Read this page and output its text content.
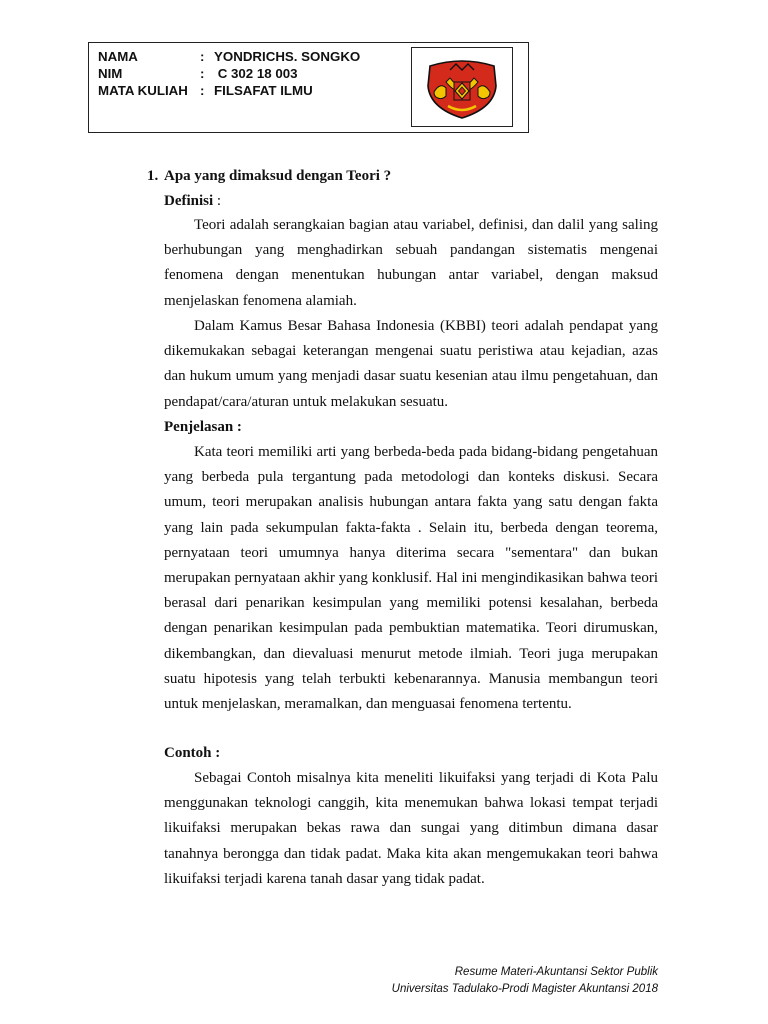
NAMA	: YONDRICHS. SONGKO
NIM	: C 302 18 003
MATA KULIAH : FILSAFAT ILMU
1. Apa yang dimaksud dengan Teori ?
Definisi :

Teori adalah serangkaian bagian atau variabel, definisi, dan dalil yang saling berhubungan yang menghadirkan sebuah pandangan sistematis mengenai fenomena dengan menentukan hubungan antar variabel, dengan maksud menjelaskan fenomena alamiah.

Dalam Kamus Besar Bahasa Indonesia (KBBI) teori adalah pendapat yang dikemukakan sebagai keterangan mengenai suatu peristiwa atau kejadian, azas dan hukum umum yang menjadi dasar suatu kesenian atau ilmu pengetahuan, dan pendapat/cara/aturan untuk melakukan sesuatu.

Penjelasan :

Kata teori memiliki arti yang berbeda-beda pada bidang-bidang pengetahuan yang berbeda pula tergantung pada metodologi dan konteks diskusi. Secara umum, teori merupakan analisis hubungan antara fakta yang satu dengan fakta yang lain pada sekumpulan fakta-fakta . Selain itu, berbeda dengan teorema, pernyataan teori umumnya hanya diterima secara "sementara" dan bukan merupakan pernyataan akhir yang konklusif. Hal ini mengindikasikan bahwa teori berasal dari penarikan kesimpulan yang memiliki potensi kesalahan, berbeda dengan penarikan kesimpulan pada pembuktian matematika. Teori dirumuskan, dikembangkan, dan dievaluasi menurut metode ilmiah. Teori juga merupakan suatu hipotesis yang telah terbukti kebenarannya. Manusia membangun teori untuk menjelaskan, meramalkan, dan menguasai fenomena tertentu.

Contoh :

Sebagai Contoh misalnya kita meneliti likuifaksi yang terjadi di Kota Palu menggunakan teknologi canggih, kita menemukan bahwa lokasi tempat terjadi likuifaksi merupakan bekas rawa dan sungai yang ditimbun dimana dasar tanahnya berongga dan tidak padat. Maka kita akan mengemukakan teori bahwa likuifaksi terjadi karena tanah dasar yang tidak padat.

Resume Materi-Akuntansi Sektor Publik
Universitas Tadulako-Prodi Magister Akuntansi 2018
